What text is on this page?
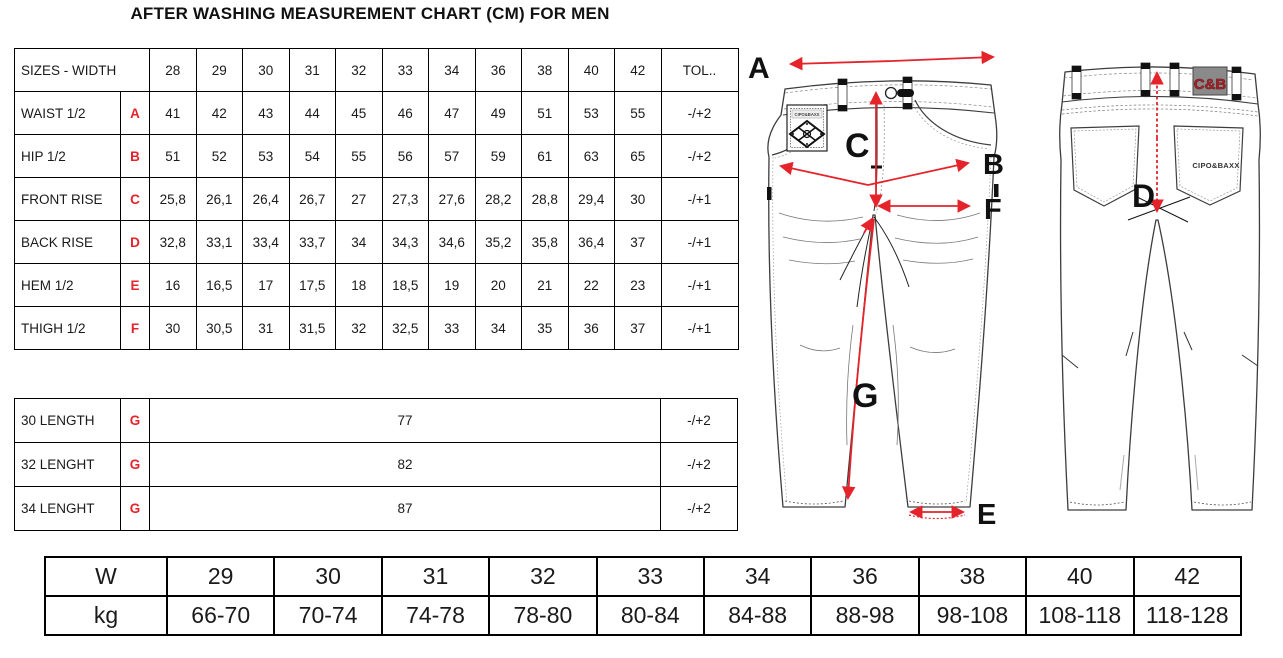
AFTER WASHING MEASUREMENT CHART (CM) FOR MEN
SIZES - WIDTH		28	29	30	31	32	33	34	36	38	40	42	TOL..
WAIST 1/2	A	41	42	43	44	45	46	47	49	51	53	55	-/+2
HIP 1/2	B	51	52	53	54	55	56	57	59	61	63	65	-/+2
FRONT RISE	C	25,8	26,1	26,4	26,7	27	27,3	27,6	28,2	28,8	29,4	30	-/+1
BACK RISE	D	32,8	33,1	33,4	33,7	34	34,3	34,6	35,2	35,8	36,4	37	-/+1
HEM 1/2	E	16	16,5	17	17,5	18	18,5	19	20	21	22	23	-/+1
THIGH 1/2	F	30	30,5	31	31,5	32	32,5	33	34	35	36	37	-/+1
30 LENGTH	G	77	-/+2
32 LENGHT	G	82	-/+2
34 LENGHT	G	87	-/+2
W	29	30	31	32	33	34	36	38	40	42
kg	66-70	70-74	74-78	78-80	80-84	84-88	88-98	98-108	108-118	118-128
CIPO&BAXX
A
C	B
F
G
E
C&B
CIPO&BAXX
D
